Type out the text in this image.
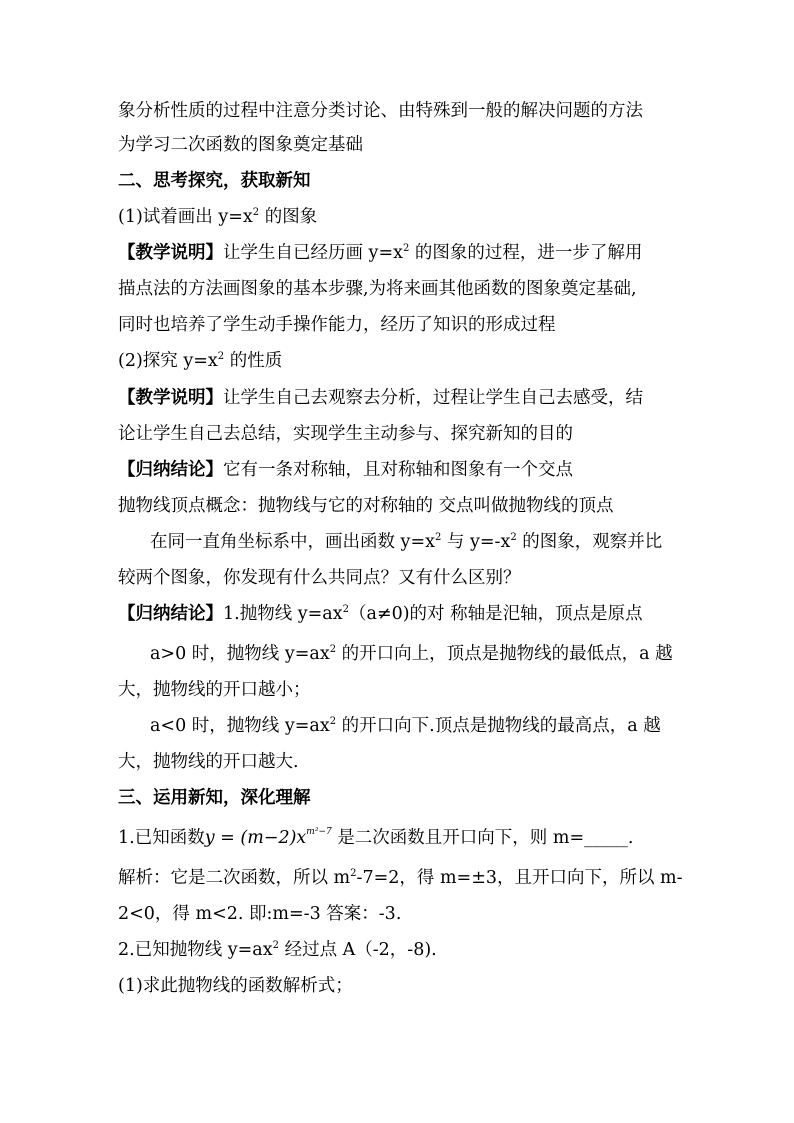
象分析性质的过程中注意分类讨论、由特殊到一般的解决问题的方法
为学习二次函数的图象奠定基础
二、思考探究，获取新知
(1)试着画出 $y=x^2$ 的图象
【教学说明】让学生自已经历画 $y=x^2$ 的图象的过程，进一步了解用
描点法的方法画图象的基本步骤,为将来画其他函数的图象奠定基础,
同时也培养了学生动手操作能力，经历了知识的形成过程
(2)探究 $y=x^2$ 的性质
【教学说明】让学生自己去观察去分析，过程让学生自己去感受，结
论让学生自己去总结，实现学生主动参与、探究新知的目的
【归纳结论】它有一条对称轴，且对称轴和图象有一个交点
抛物线顶点概念：抛物线与它的对称轴的 交点叫做抛物线的顶点
在同一直角坐标系中，画出函数 $y=x^2$ 与 $y=-x^2$ 的图象，观察并比
较两个图象，你发现有什么共同点？又有什么区别？
【归纳结论】1.抛物线 $y=ax^2(a\ne 0)$的对 称轴是汜轴，顶点是原点
a>0 时，抛物线 $y=ax^2$ 的开口向上，顶点是抛物线的最低点，a 越
大，抛物线的开口越小；
a<0 时，抛物线 $y=ax^2$ 的开口向下.顶点是抛物线的最高点，a 越
大，抛物线的开口越大.
三、运用新知，深化理解
1.已知函数$y = (m-2)x^{m^2-7}$ 是二次函数且开口向下，则 m=_____.
解析：它是二次函数，所以 $m^2-7=2$，得 m=±3，且开口向下，所以 m-
2<0，得 m<2. 即:m=-3 答案：-3.
2.已知抛物线 $y=ax^2$ 经过点 A（-2，-8).
(1)求此抛物线的函数解析式；
